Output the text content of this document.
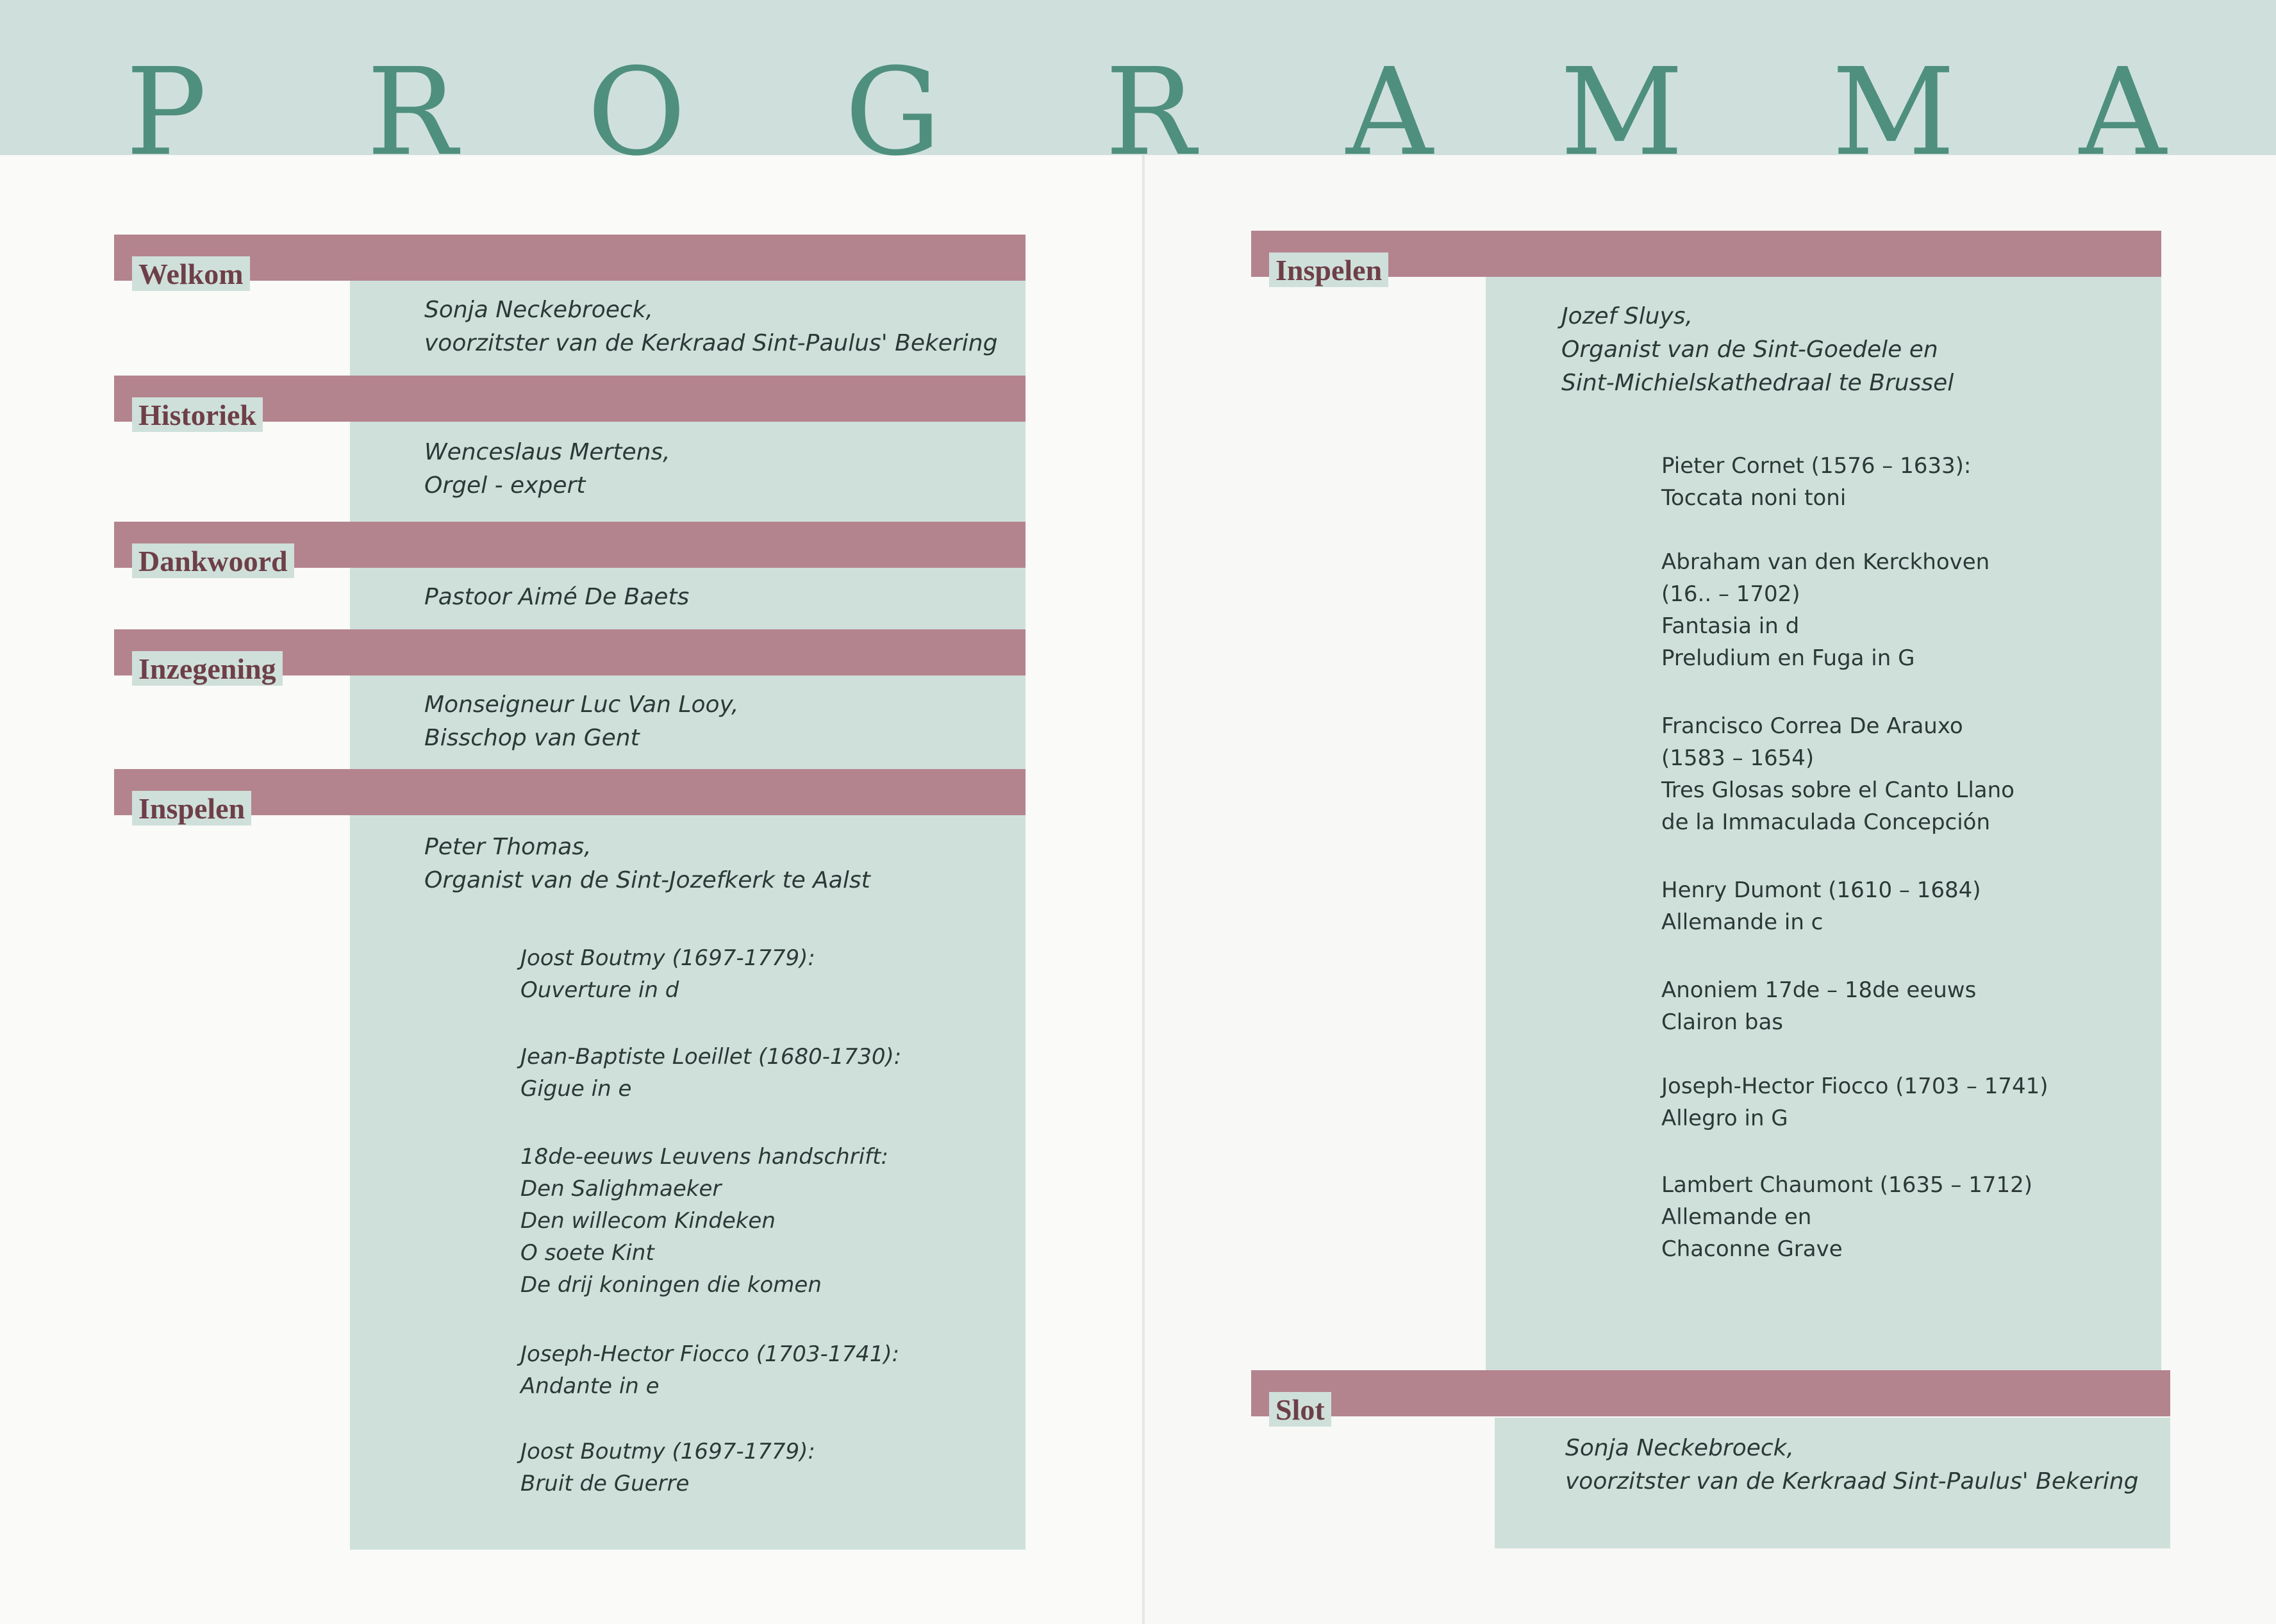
P R O G R A M M A
Welkom
Sonja Neckebroeck,
voorzitster van de Kerkraad Sint-Paulus' Bekering
Historiek
Wenceslaus Mertens,
Orgel - expert
Dankwoord
Pastoor Aimé De Baets
Inzegening
Monseigneur Luc Van Looy,
Bisschop van Gent
Inspelen
Peter Thomas,
Organist van de Sint-Jozefkerk te Aalst
Joost Boutmy (1697-1779):
Ouverture in d
Jean-Baptiste Loeillet (1680-1730):
Gigue in e
18de-eeuws Leuvens handschrift:
Den Salighmaeker
Den willecom Kindeken
O soete Kint
De drij koningen die komen
Joseph-Hector Fiocco (1703-1741):
Andante in e
Joost Boutmy (1697-1779):
Bruit de Guerre
Inspelen
Jozef Sluys,
Organist van de Sint-Goedele en
Sint-Michielskathedraal te Brussel
Pieter Cornet (1576 – 1633):
Toccata noni toni
Abraham van den Kerckhoven
(16.. – 1702)
Fantasia in d
Preludium en Fuga in G
Francisco Correa De Arauxo
(1583 – 1654)
Tres Glosas sobre el Canto Llano
de la Immaculada Concepción
Henry Dumont (1610 – 1684)
Allemande in c
Anoniem 17de – 18de eeuws
Clairon bas
Joseph-Hector Fiocco (1703 – 1741)
Allegro in G
Lambert Chaumont (1635 – 1712)
Allemande en
Chaconne Grave
Slot
Sonja Neckebroeck,
voorzitster van de Kerkraad Sint-Paulus' Bekering
